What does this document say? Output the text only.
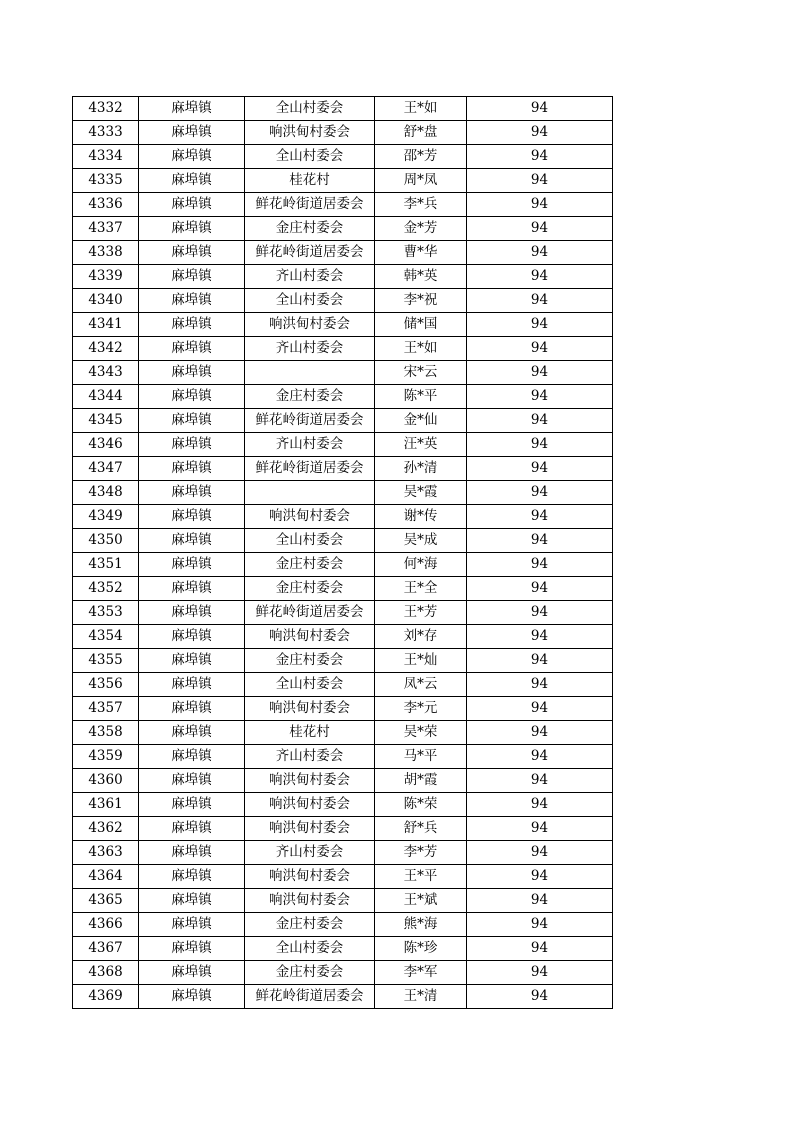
4332	麻埠镇	全山村委会	王*如	94
4333	麻埠镇	响洪甸村委会	舒*盘	94
4334	麻埠镇	全山村委会	邵*芳	94
4335	麻埠镇	桂花村	周*凤	94
4336	麻埠镇	鲜花岭街道居委会	李*兵	94
4337	麻埠镇	金庄村委会	金*芳	94
4338	麻埠镇	鲜花岭街道居委会	曹*华	94
4339	麻埠镇	齐山村委会	韩*英	94
4340	麻埠镇	全山村委会	李*祝	94
4341	麻埠镇	响洪甸村委会	储*国	94
4342	麻埠镇	齐山村委会	王*如	94
4343	麻埠镇		宋*云	94
4344	麻埠镇	金庄村委会	陈*平	94
4345	麻埠镇	鲜花岭街道居委会	金*仙	94
4346	麻埠镇	齐山村委会	汪*英	94
4347	麻埠镇	鲜花岭街道居委会	孙*清	94
4348	麻埠镇		吴*霞	94
4349	麻埠镇	响洪甸村委会	谢*传	94
4350	麻埠镇	全山村委会	吴*成	94
4351	麻埠镇	金庄村委会	何*海	94
4352	麻埠镇	金庄村委会	王*全	94
4353	麻埠镇	鲜花岭街道居委会	王*芳	94
4354	麻埠镇	响洪甸村委会	刘*存	94
4355	麻埠镇	金庄村委会	王*灿	94
4356	麻埠镇	全山村委会	凤*云	94
4357	麻埠镇	响洪甸村委会	李*元	94
4358	麻埠镇	桂花村	吴*荣	94
4359	麻埠镇	齐山村委会	马*平	94
4360	麻埠镇	响洪甸村委会	胡*霞	94
4361	麻埠镇	响洪甸村委会	陈*荣	94
4362	麻埠镇	响洪甸村委会	舒*兵	94
4363	麻埠镇	齐山村委会	李*芳	94
4364	麻埠镇	响洪甸村委会	王*平	94
4365	麻埠镇	响洪甸村委会	王*斌	94
4366	麻埠镇	金庄村委会	熊*海	94
4367	麻埠镇	全山村委会	陈*珍	94
4368	麻埠镇	金庄村委会	李*军	94
4369	麻埠镇	鲜花岭街道居委会	王*清	94
